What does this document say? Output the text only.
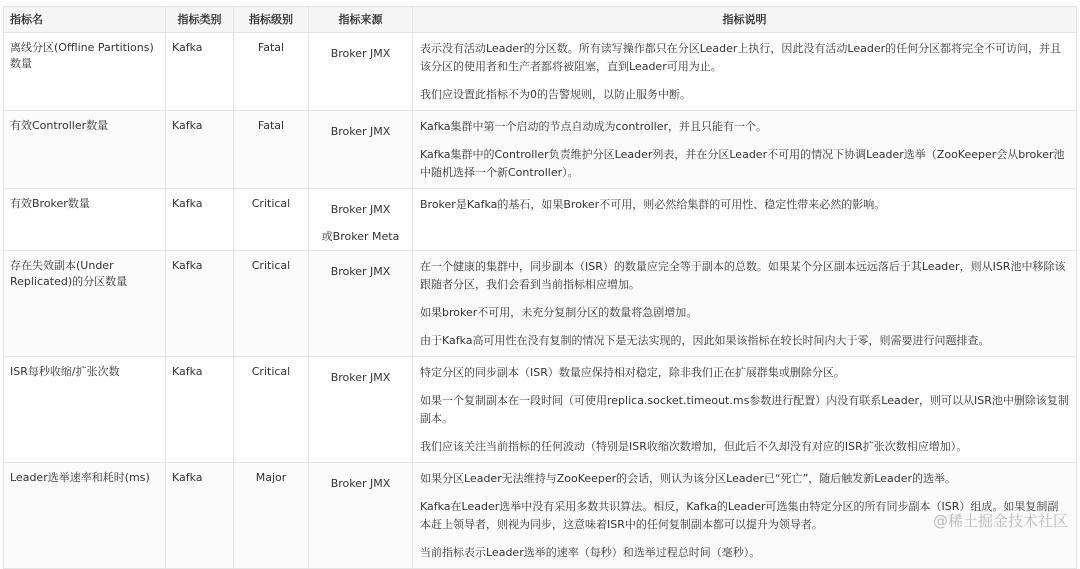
指标名	指标类别	指标级别	指标来源	指标说明
离线分区(Offline Partitions)数量	Kafka	Fatal	Broker JMX	表示没有活动Leader的分区数。所有读写操作都只在分区Leader上执行，因此没有活动Leader的任何分区都将完全不可访问，并且该分区的使用者和生产者都将被阻塞，直到Leader可用为止。

我们应设置此指标不为0的告警规则，以防止服务中断。

有效Controller数量	Kafka	Fatal	Broker JMX	Kafka集群中第一个启动的节点自动成为controller，并且只能有一个。

Kafka集群中的Controller负责维护分区Leader列表，并在分区Leader不可用的情况下协调Leader选举（ZooKeeper会从broker池中随机选择一个新Controller）。

有效Broker数量	Kafka	Critical	Broker JMX
或Broker Meta	Broker是Kafka的基石，如果Broker不可用，则必然给集群的可用性、稳定性带来必然的影响。

存在失效副本(Under Replicated)的分区数量	Kafka	Critical	Broker JMX	在一个健康的集群中，同步副本（ISR）的数量应完全等于副本的总数。如果某个分区副本远远落后于其Leader，则从ISR池中移除该跟随者分区，我们会看到当前指标相应增加。

如果broker不可用，未充分复制分区的数量将急剧增加。

由于Kafka高可用性在没有复制的情况下是无法实现的，因此如果该指标在较长时间内大于零，则需要进行问题排查。

ISR每秒收缩/扩张次数	Kafka	Critical	Broker JMX	特定分区的同步副本（ISR）数量应保持相对稳定，除非我们正在扩展群集或删除分区。

如果一个复制副本在一段时间（可使用replica.socket.timeout.ms参数进行配置）内没有联系Leader，则可以从ISR池中删除该复制副本。

我们应该关注当前指标的任何波动（特别是ISR收缩次数增加，但此后不久却没有对应的ISR扩张次数相应增加）。

Leader选举速率和耗时(ms)	Kafka	Major	Broker JMX	如果分区Leader无法维持与ZooKeeper的会话，则认为该分区Leader已“死亡”，随后触发新Leader的选举。

Kafka在Leader选举中没有采用多数共识算法。相反，Kafka的Leader可选集由特定分区的所有同步副本（ISR）组成。如果复制副本赶上领导者，则视为同步，这意味着ISR中的任何复制副本都可以提升为领导者。

当前指标表示Leader选举的速率（每秒）和选举过程总时间（毫秒）。

@稀土掘金技术社区
